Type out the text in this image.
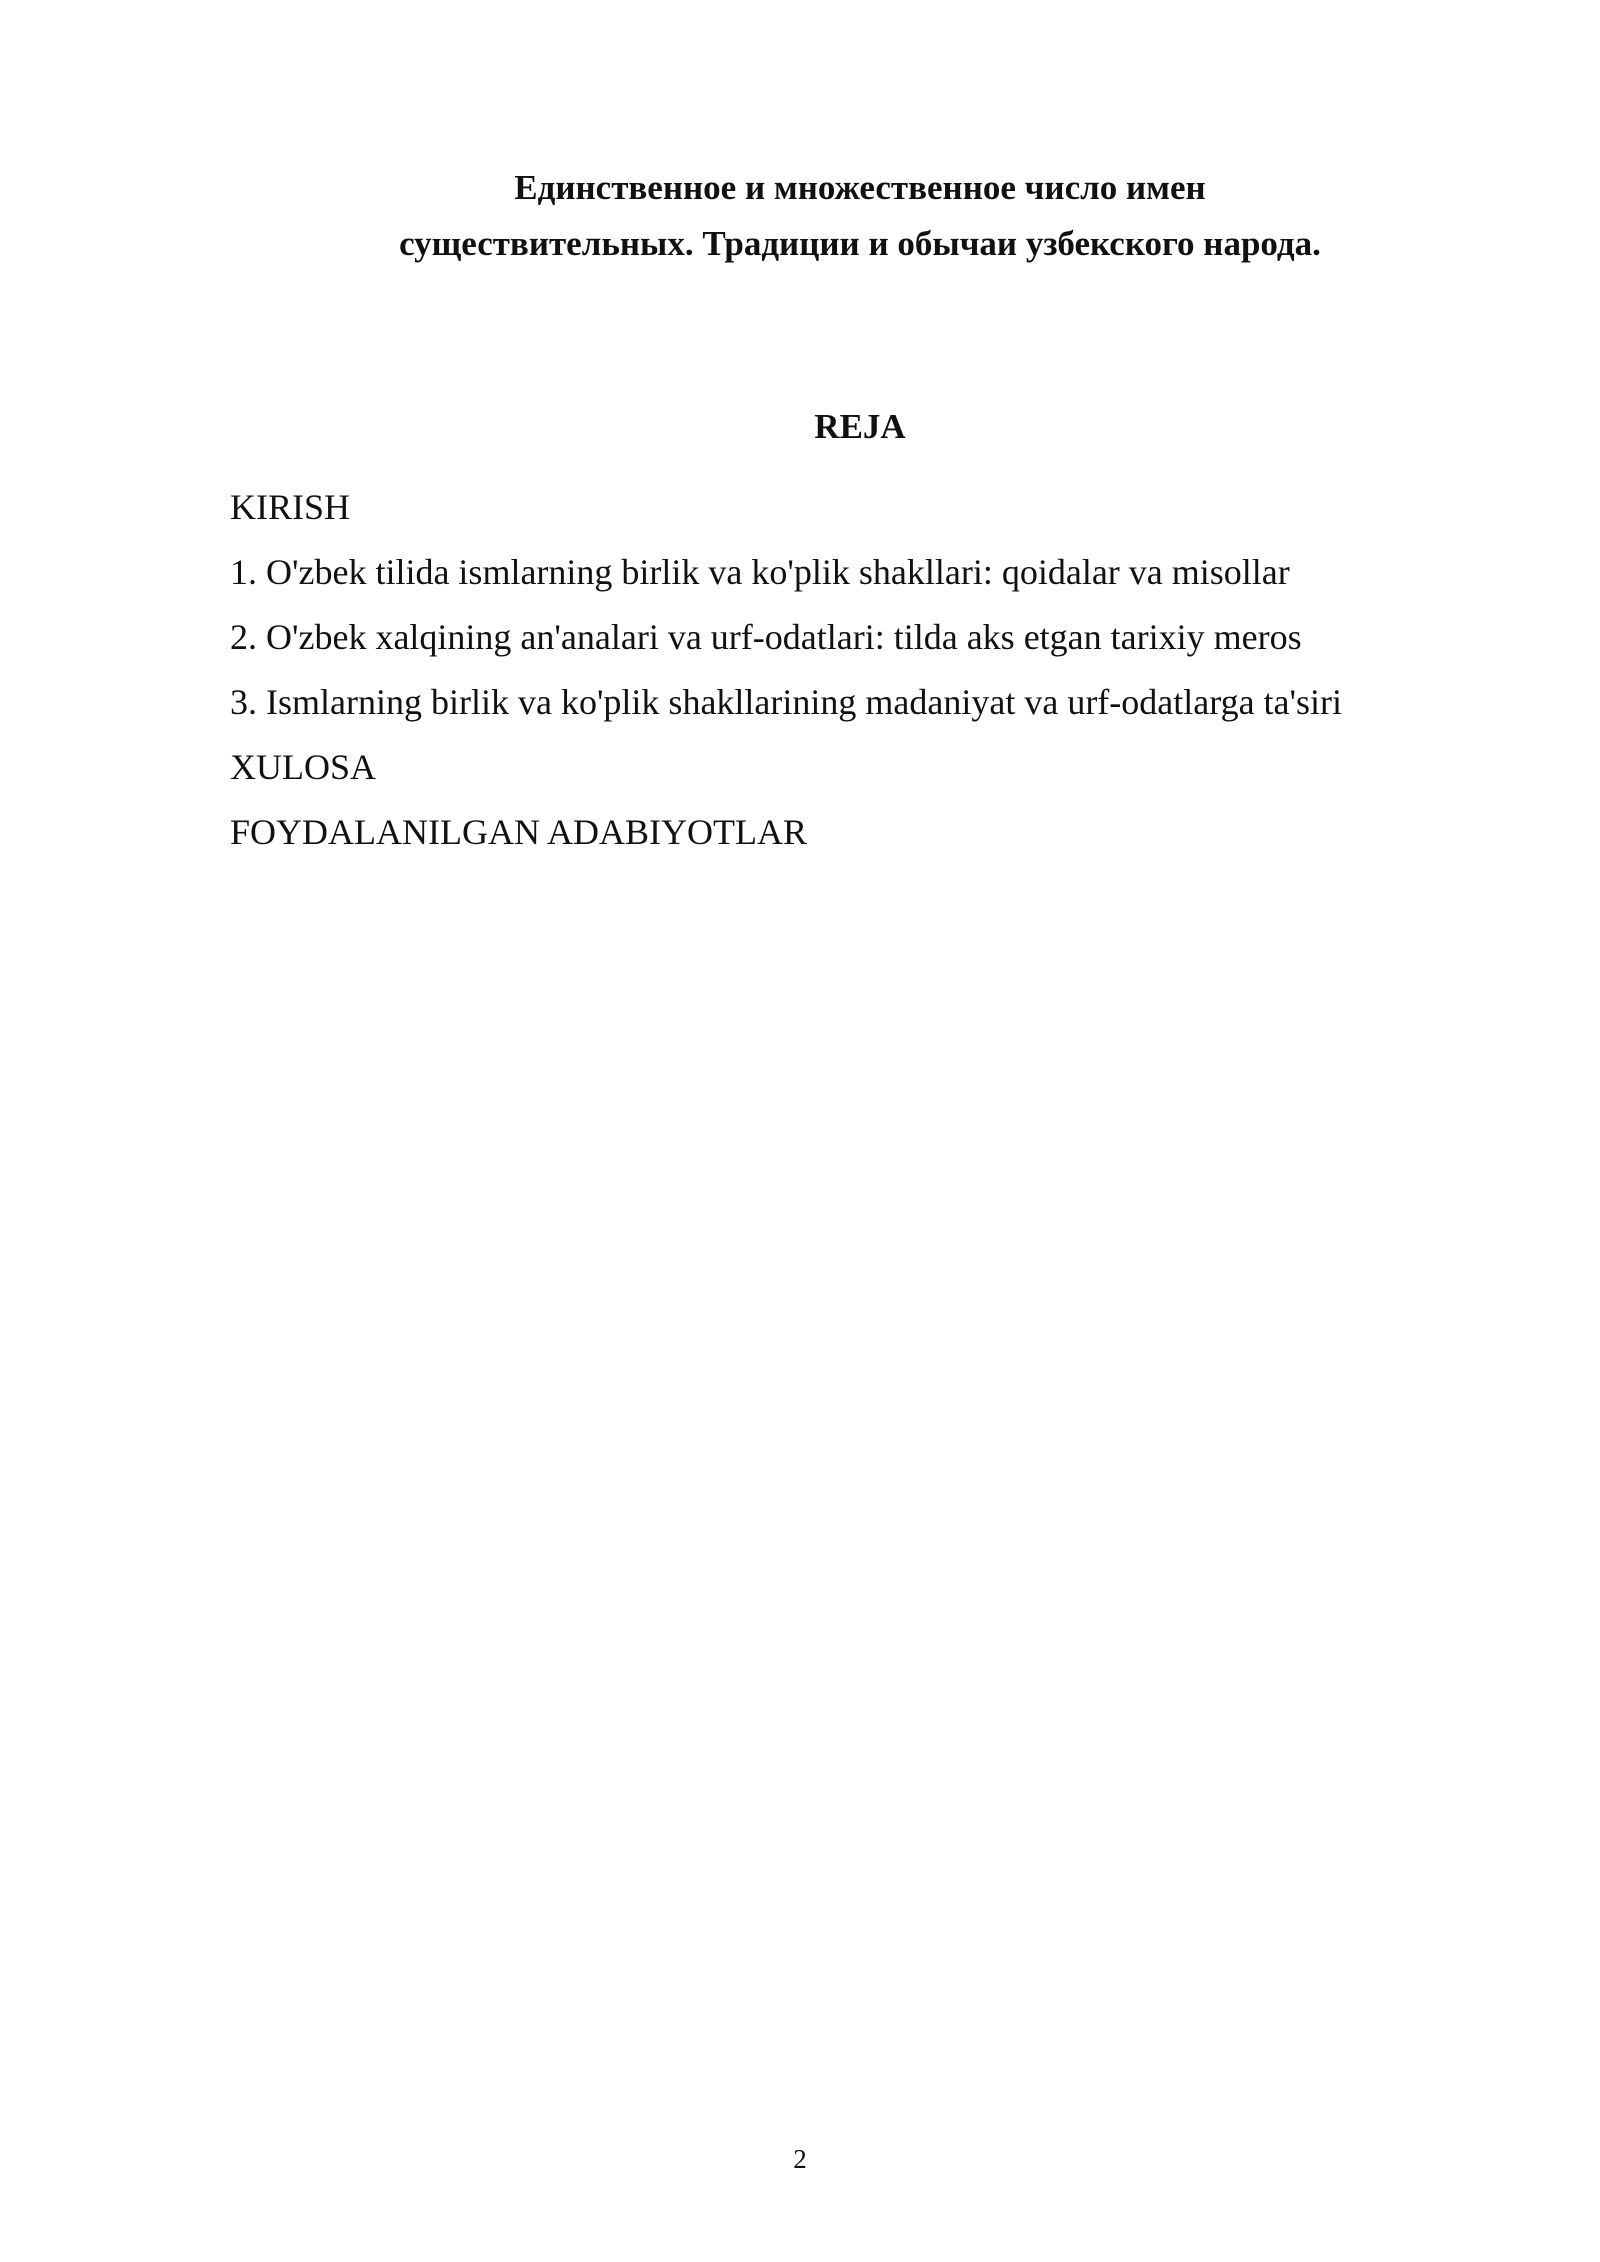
Единственное и множественное число имен
существительных. Традиции и обычаи узбекского народа.
REJA
KIRISH
1. O'zbek tilida ismlarning birlik va ko'plik shakllari: qoidalar va misollar
2. O'zbek xalqining an'analari va urf-odatlari: tilda aks etgan tarixiy meros
3. Ismlarning birlik va ko'plik shakllarining madaniyat va urf-odatlarga ta'siri
XULOSA
FOYDALANILGAN ADABIYOTLAR
2
